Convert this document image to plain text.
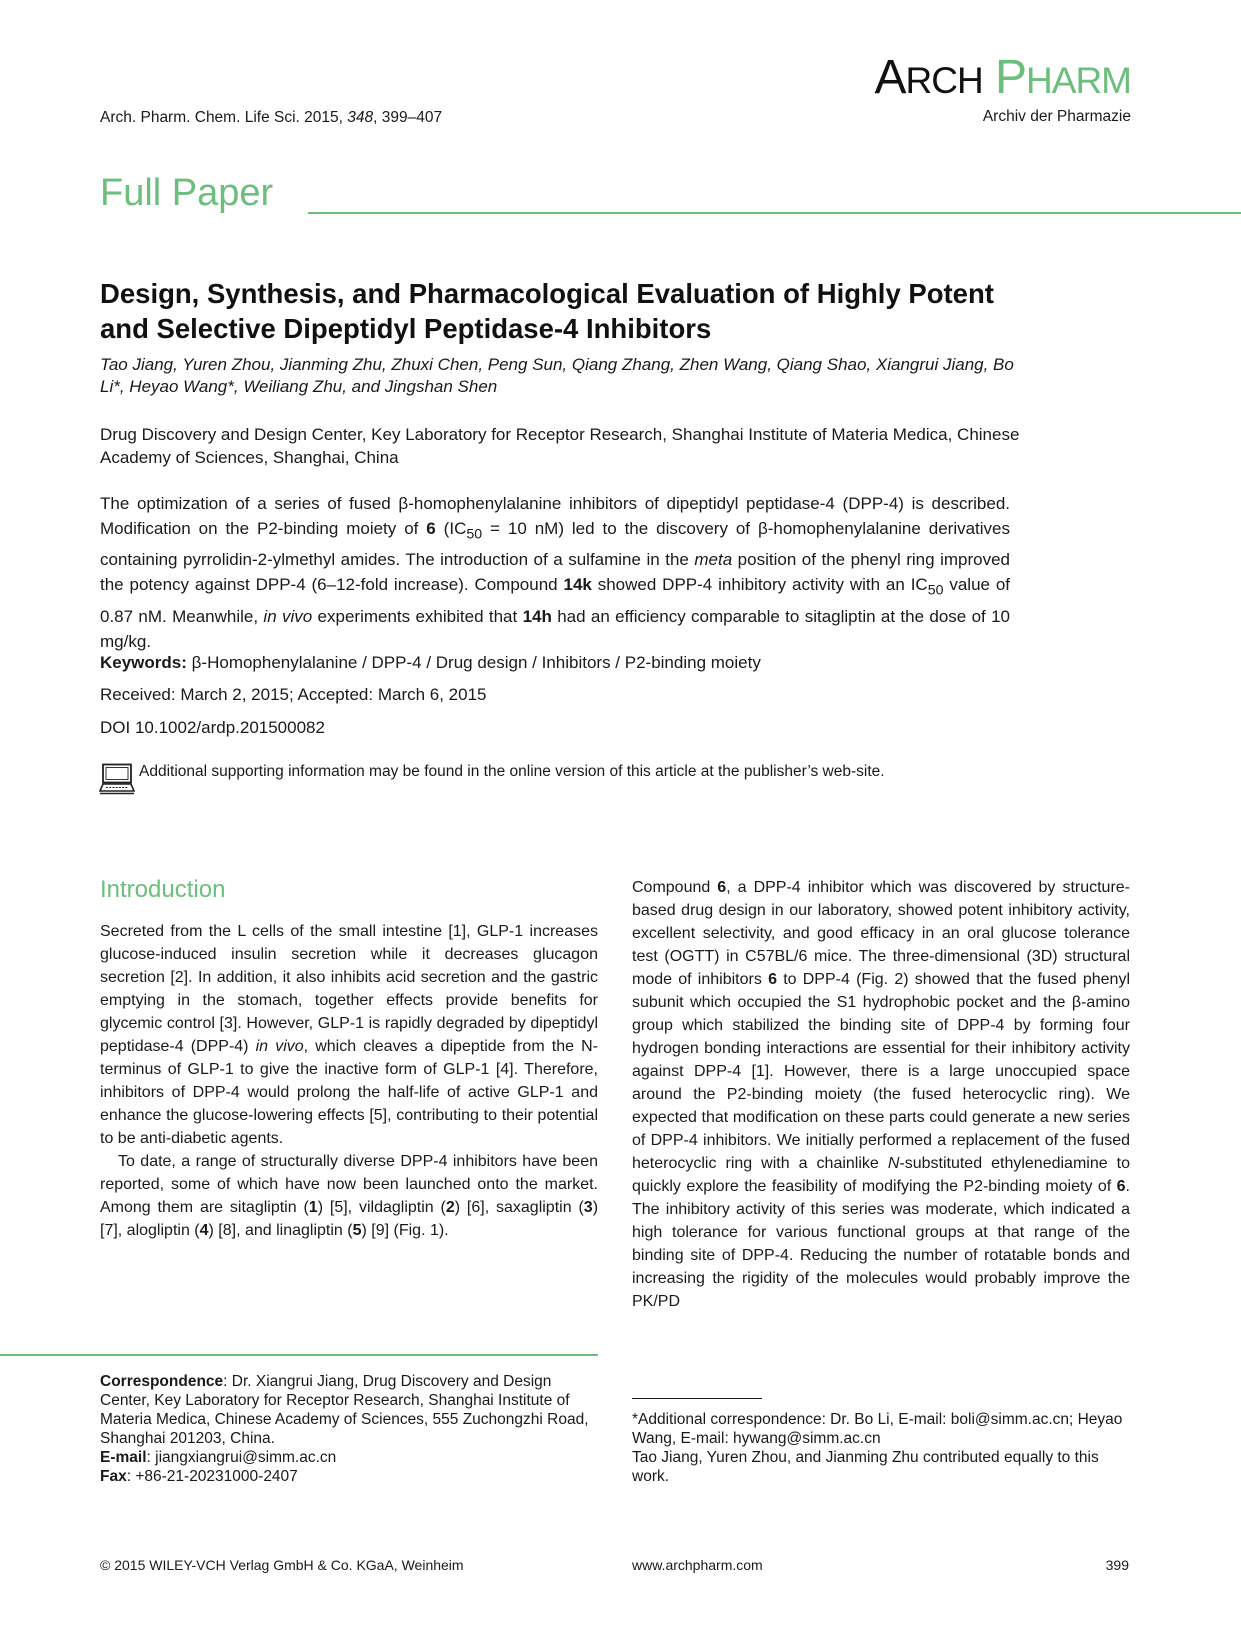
Arch. Pharm. Chem. Life Sci. 2015, 348, 399–407
ARCH PHARM
Archiv der Pharmazie
Full Paper
Design, Synthesis, and Pharmacological Evaluation of Highly Potent and Selective Dipeptidyl Peptidase-4 Inhibitors
Tao Jiang, Yuren Zhou, Jianming Zhu, Zhuxi Chen, Peng Sun, Qiang Zhang, Zhen Wang, Qiang Shao, Xiangrui Jiang, Bo Li*, Heyao Wang*, Weiliang Zhu, and Jingshan Shen
Drug Discovery and Design Center, Key Laboratory for Receptor Research, Shanghai Institute of Materia Medica, Chinese Academy of Sciences, Shanghai, China
The optimization of a series of fused β-homophenylalanine inhibitors of dipeptidyl peptidase-4 (DPP-4) is described. Modification on the P2-binding moiety of 6 ($IC_{50} = 10$ nM) led to the discovery of β-homophenylalanine derivatives containing pyrrolidin-2-ylmethyl amides. The introduction of a sulfamine in the meta position of the phenyl ring improved the potency against DPP-4 (6–12-fold increase). Compound 14k showed DPP-4 inhibitory activity with an $IC_{50}$ value of 0.87 nM. Meanwhile, in vivo experiments exhibited that 14h had an efficiency comparable to sitagliptin at the dose of 10 mg/kg.
Keywords: β-Homophenylalanine / DPP-4 / Drug design / Inhibitors / P2-binding moiety
Received: March 2, 2015; Accepted: March 6, 2015
DOI 10.1002/ardp.201500082
Additional supporting information may be found in the online version of this article at the publisher’s web-site.
Introduction

Secreted from the L cells of the small intestine [1], GLP-1 increases glucose-induced insulin secretion while it decreases glucagon secretion [2]. In addition, it also inhibits acid secretion and the gastric emptying in the stomach, together effects provide benefits for glycemic control [3]. However, GLP-1 is rapidly degraded by dipeptidyl peptidase-4 (DPP-4) in vivo, which cleaves a dipeptide from the N-terminus of GLP-1 to give the inactive form of GLP-1 [4]. Therefore, inhibitors of DPP-4 would prolong the half-life of active GLP-1 and enhance the glucose-lowering effects [5], contributing to their potential to be anti-diabetic agents.

To date, a range of structurally diverse DPP-4 inhibitors have been reported, some of which have now been launched onto the market. Among them are sitagliptin (1) [5], vildagliptin (2) [6], saxagliptin (3) [7], alogliptin (4) [8], and linagliptin (5) [9] (Fig. 1).

Compound 6, a DPP-4 inhibitor which was discovered by structure-based drug design in our laboratory, showed potent inhibitory activity, excellent selectivity, and good efficacy in an oral glucose tolerance test (OGTT) in C57BL/6 mice. The three-dimensional (3D) structural mode of inhibitors 6 to DPP-4 (Fig. 2) showed that the fused phenyl subunit which occupied the S1 hydrophobic pocket and the β-amino group which stabilized the binding site of DPP-4 by forming four hydrogen bonding interactions are essential for their inhibitory activity against DPP-4 [1]. However, there is a large unoccupied space around the P2-binding moiety (the fused heterocyclic ring). We expected that modification on these parts could generate a new series of DPP-4 inhibitors. We initially performed a replacement of the fused heterocyclic ring with a chainlike N-substituted ethylenediamine to quickly explore the feasibility of modifying the P2-binding moiety of 6. The inhibitory activity of this series was moderate, which indicated a high tolerance for various functional groups at that range of the binding site of DPP-4. Reducing the number of rotatable bonds and increasing the rigidity of the molecules would probably improve the PK/PD

Correspondence: Dr. Xiangrui Jiang, Drug Discovery and Design Center, Key Laboratory for Receptor Research, Shanghai Institute of Materia Medica, Chinese Academy of Sciences, 555 Zuchongzhi Road, Shanghai 201203, China.
E-mail: jiangxiangrui@simm.ac.cn
Fax: +86-21-20231000-2407
*Additional correspondence: Dr. Bo Li, E-mail: boli@simm.ac.cn; Heyao Wang, E-mail: hywang@simm.ac.cn
Tao Jiang, Yuren Zhou, and Jianming Zhu contributed equally to this work.
© 2015 WILEY-VCH Verlag GmbH & Co. KGaA, Weinheim	www.archpharm.com	399
